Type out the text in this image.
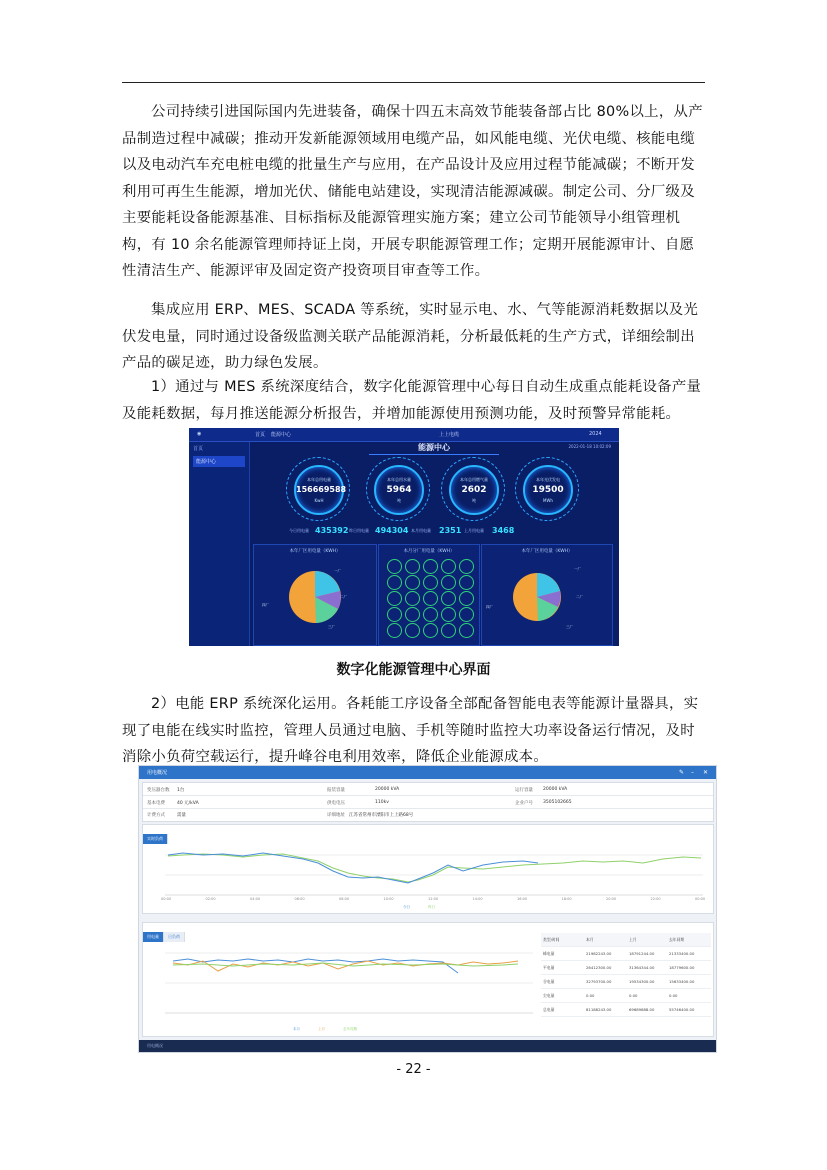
公司持续引进国际国内先进装备，确保十四五末高效节能装备部占比 80%以上，从产品制造过程中减碳；推动开发新能源领域用电缆产品，如风能电缆、光伏电缆、核能电缆以及电动汽车充电桩电缆的批量生产与应用，在产品设计及应用过程节能减碳；不断开发利用可再生生能源，增加光伏、储能电站建设，实现清洁能源减碳。制定公司、分厂级及主要能耗设备能源基准、目标指标及能源管理实施方案；建立公司节能领导小组管理机构，有 10 余名能源管理师持证上岗，开展专职能源管理工作；定期开展能源审计、自愿性清洁生产、能源评审及固定资产投资项目审查等工作。

集成应用 ERP、MES、SCADA 等系统，实时显示电、水、气等能源消耗数据以及光伏发电量，同时通过设备级监测关联产品能源消耗，分析最低耗的生产方式，详细绘制出产品的碳足迹，助力绿色发展。

1）通过与 MES 系统深度结合，数字化能源管理中心每日自动生成重点能耗设备产量及能耗数据，每月推送能源分析报告，并增加能源使用预测功能，及时预警异常能耗。

◉	首页 能源中心	上上电缆	2024
首页
能源中心
能源中心	2022-01-18 10:02:09
本年总用电量
156669588
KwH
本年总用水量
5964
吨
本年总用燃气量
2602
吨
本年光伏发电
19500
MWh
今日用电量 435392 昨日用电量 494304 本月用电量 2351 上月用电量 3468
本年厂区用电量（KWH）
一厂
二厂
三厂
四厂
本月分厂用电量（KWH）	本年厂区用电量（KWH）
一厂
二厂
三厂
四厂
数字化能源管理中心界面

2）电能 ERP 系统深化运用。各耗能工序设备全部配备智能电表等能源计量器具，实现了电能在线实时监控，管理人员通过电脑、手机等随时监控大功率设备运行情况，及时消除小负荷空载运行，提升峰谷电利用效率，降低企业能源成本。

用电概况	✎ – ✕
变压器台数 1台	报装容量	20000 kVA	运行容量 20000 kVA
基本电费	40 元/kVA	供电电压	110kv	企业户号 3505102665
计费方式	需量	详细地址 江苏省常州市溧阳市上上路68号
实时负荷
00:00	02:00	04:00	06:00	08:00	10:00	12:00	14:00	16:00	18:00	20:00	22:00	00:00
今日	昨日
用电量 日负荷
本月	上月	去年同期
类型/时间	本月	上月	去年同期
峰电量	21982243.00	18791244.00	21333400.00
平电量	26412300.00	31364344.00	18779600.00
谷电量	32793700.00	19534300.00	15633400.00
尖电量	0.00	0.00	0.00
总电量	81188243.00	69689888.00	55746400.00
用电概况
- 22 -
